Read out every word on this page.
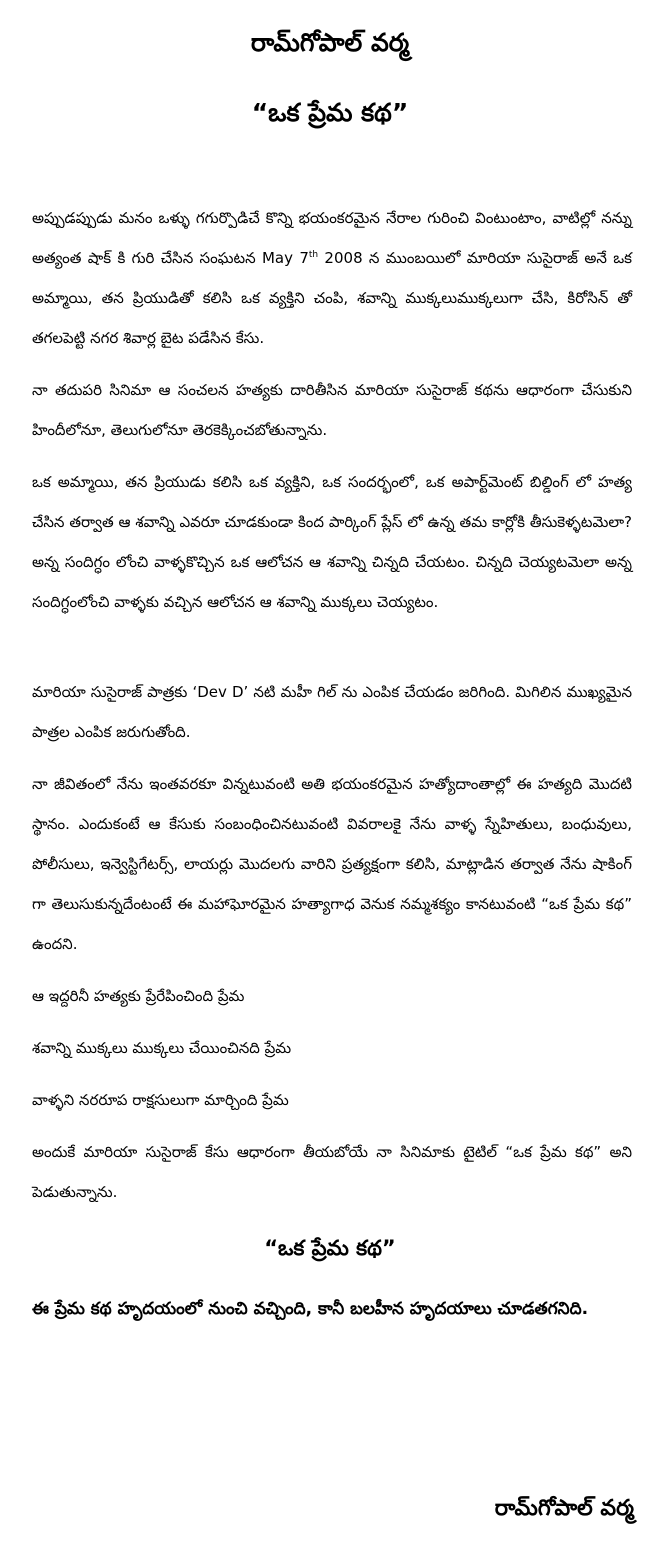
రామ్‌గోపాల్ వర్మ
“ఒక ప్రేమ కథ”
అప్పుడప్పుడు మనం ఒళ్ళు గగుర్పొడిచే కొన్ని భయంకరమైన నేరాల గురించి వింటుంటాం, వాటిల్లో నన్ను అత్యంత షాక్ కి గురి చేసిన సంఘటన May 7th 2008 న ముంబయిలో మారియా సుసైరాజ్ అనే ఒక అమ్మాయి, తన ప్రియుడితో కలిసి ఒక వ్యక్తిని చంపి, శవాన్ని ముక్కలుముక్కలుగా చేసి, కిరోసిన్ తో తగలపెట్టి నగర శివార్ల బైట పడేసిన కేసు.
నా తదుపరి సినిమా ఆ సంచలన హత్యకు దారితీసిన మారియా సుసైరాజ్ కథను ఆధారంగా చేసుకుని హిందీలోనూ, తెలుగులోనూ తెరకెక్కించబోతున్నాను.
ఒక అమ్మాయి, తన ప్రియుడు కలిసి ఒక వ్యక్తిని, ఒక సందర్భంలో, ఒక అపార్ట్‌మెంట్ బిల్డింగ్ లో హత్య చేసిన తర్వాత ఆ శవాన్ని ఎవరూ చూడకుండా కింద పార్కింగ్ ప్లేస్ లో ఉన్న తమ కార్లోకి తీసుకెళ్ళటమెలా? అన్న సందిగ్ధం లోంచి వాళ్ళకొచ్చిన ఒక ఆలోచన ఆ శవాన్ని చిన్నది చేయటం. చిన్నది చెయ్యటమెలా అన్న సందిగ్ధంలోంచి వాళ్ళకు వచ్చిన ఆలోచన ఆ శవాన్ని ముక్కలు చెయ్యటం.
మారియా సుసైరాజ్ పాత్రకు ‘Dev D’ నటి మహీ గిల్ ను ఎంపిక చేయడం జరిగింది. మిగిలిన ముఖ్యమైన పాత్రల ఎంపిక జరుగుతోంది.
నా జీవితంలో నేను ఇంతవరకూ విన్నటువంటి అతి భయంకరమైన హత్యోదాంతాల్లో ఈ హత్యది మొదటి స్థానం. ఎందుకంటే ఆ కేసుకు సంబంధించినటువంటి వివరాలకై నేను వాళ్ళ స్నేహితులు, బంధువులు, పోలీసులు, ఇన్వెస్టిగేటర్స్, లాయర్లు మొదలగు వారిని ప్రత్యక్షంగా కలిసి, మాట్లాడిన తర్వాత నేను షాకింగ్ గా తెలుసుకున్నదేంటంటే ఈ మహాఘోరమైన హత్యాగాధ వెనుక నమ్మశక్యం కానటువంటి “ఒక ప్రేమ కథ” ఉందని.
ఆ ఇద్దరినీ హత్యకు ప్రేరేపించింది ప్రేమ
శవాన్ని ముక్కలు ముక్కలు చేయించినది ప్రేమ
వాళ్ళని నరరూప రాక్షసులుగా మార్చింది ప్రేమ
అందుకే మారియా సుసైరాజ్ కేసు ఆధారంగా తీయబోయే నా సినిమాకు టైటిల్ “ఒక ప్రేమ కథ” అని పెడుతున్నాను.
“ఒక ప్రేమ కథ”
ఈ ప్రేమ కథ హృదయంలో నుంచి వచ్చింది, కానీ బలహీన హృదయాలు చూడతగనిది.
రామ్‌గోపాల్ వర్మ
